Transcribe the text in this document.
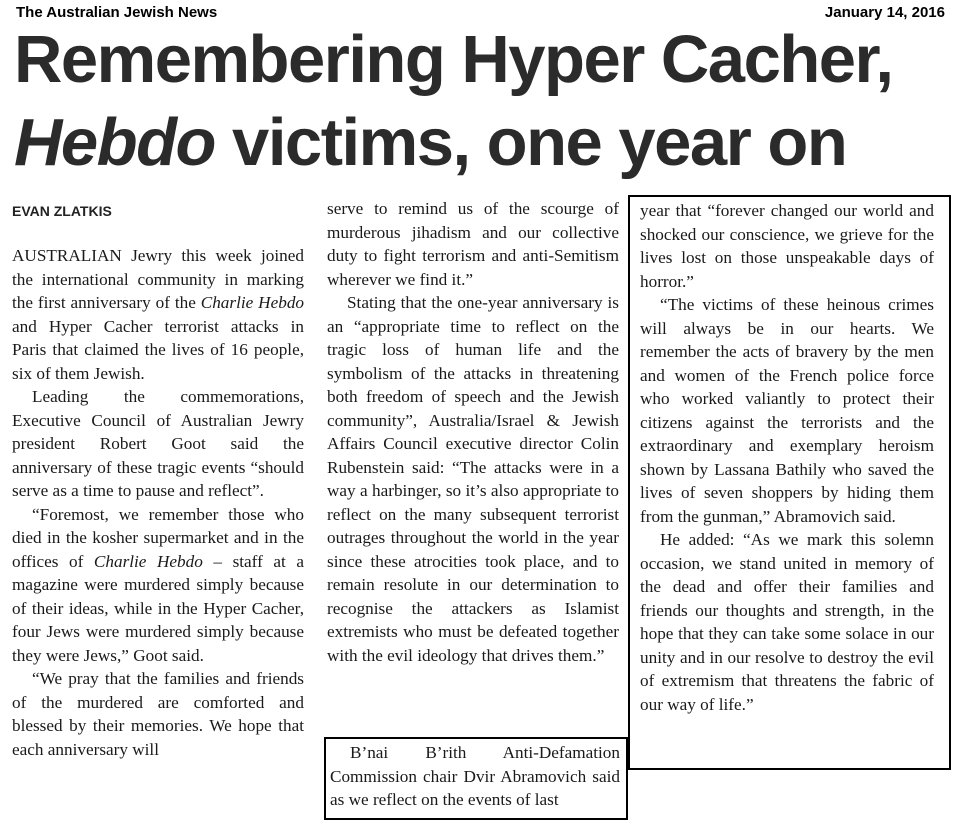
The Australian Jewish News	January 14, 2016
Remembering Hyper Cacher,
Hebdo victims, one year on
EVAN ZLATKIS

AUSTRALIAN Jewry this week joined the international community in marking the first anniversary of the Charlie Hebdo and Hyper Cacher terrorist attacks in Paris that claimed the lives of 16 people, six of them Jewish.

Leading the commemorations, Executive Council of Australian Jewry president Robert Goot said the anniversary of these tragic events “should serve as a time to pause and reflect”.

“Foremost, we remember those who died in the kosher supermarket and in the offices of Charlie Hebdo – staff at a magazine were murdered simply because of their ideas, while in the Hyper Cacher, four Jews were murdered simply because they were Jews,” Goot said.

“We pray that the families and friends of the murdered are comforted and blessed by their memories. We hope that each anniversary will

serve to remind us of the scourge of murderous jihadism and our collective duty to fight terrorism and anti-Semitism wherever we find it.”

Stating that the one-year anniversary is an “appropriate time to reflect on the tragic loss of human life and the symbolism of the attacks in threatening both freedom of speech and the Jewish community”, Australia/Israel & Jewish Affairs Council executive director Colin Rubenstein said: “The attacks were in a way a harbinger, so it’s also appropriate to reflect on the many subsequent terrorist outrages throughout the world in the year since these atrocities took place, and to remain resolute in our determination to recognise the attackers as Islamist extremists who must be defeated together with the evil ideology that drives them.”

B’nai B’rith Anti-Defamation Commission chair Dvir Abramovich said as we reflect on the events of last

year that “forever changed our world and shocked our conscience, we grieve for the lives lost on those unspeakable days of horror.”

“The victims of these heinous crimes will always be in our hearts. We remember the acts of bravery by the men and women of the French police force who worked valiantly to protect their citizens against the terrorists and the extraordinary and exemplary heroism shown by Lassana Bathily who saved the lives of seven shoppers by hiding them from the gunman,” Abramovich said.

He added: “As we mark this solemn occasion, we stand united in memory of the dead and offer their families and friends our thoughts and strength, in the hope that they can take some solace in our unity and in our resolve to destroy the evil of extremism that threatens the fabric of our way of life.”
